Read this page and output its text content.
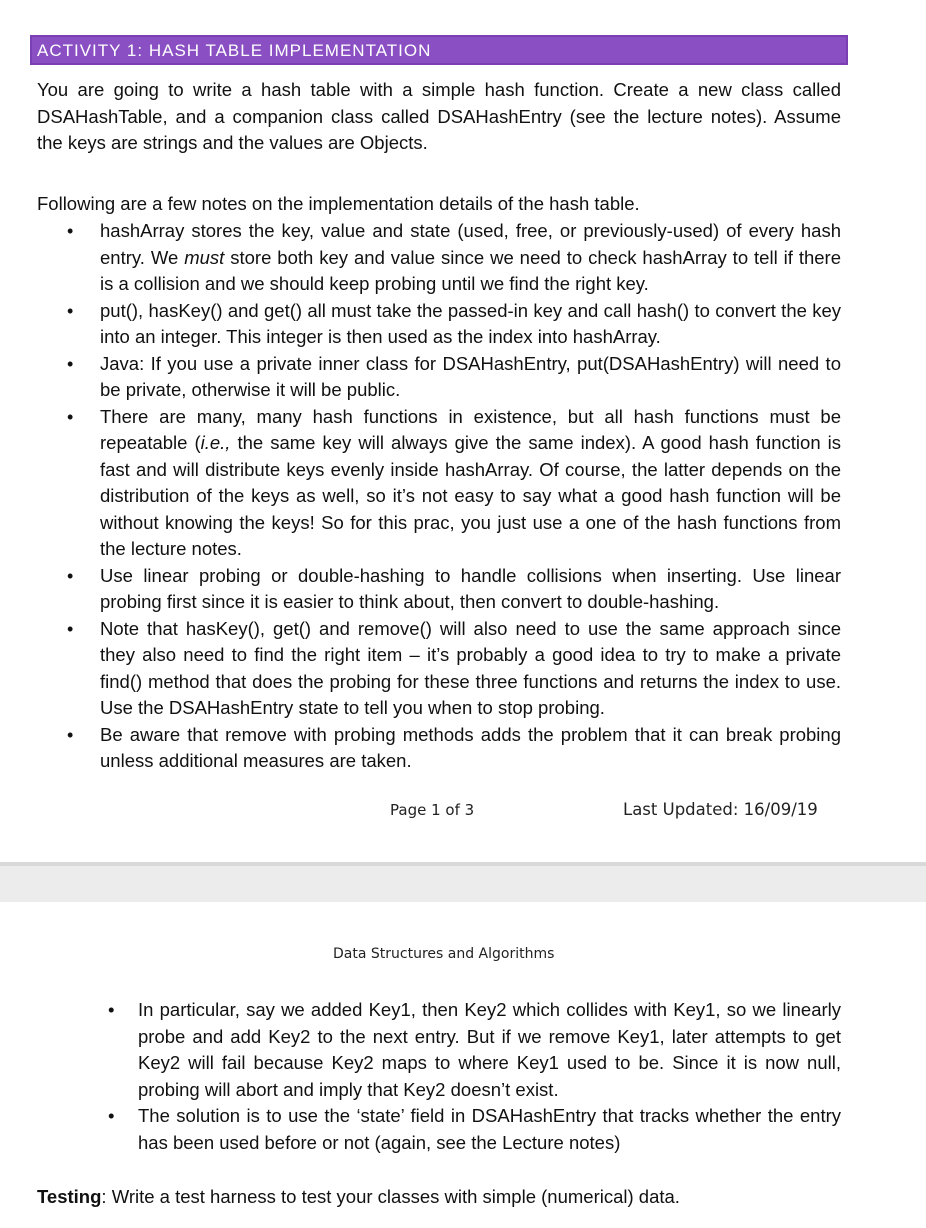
ACTIVITY 1: HASH TABLE IMPLEMENTATION
You are going to write a hash table with a simple hash function. Create a new class called DSAHashTable, and a companion class called DSAHashEntry (see the lecture notes). Assume the keys are strings and the values are Objects.
Following are a few notes on the implementation details of the hash table.
• hashArray stores the key, value and state (used, free, or previously-used) of every hash entry. We must store both key and value since we need to check hashArray to tell if there is a collision and we should keep probing until we find the right key.
• put(), hasKey() and get() all must take the passed-in key and call hash() to convert the key into an integer. This integer is then used as the index into hashArray.
• Java: If you use a private inner class for DSAHashEntry, put(DSAHashEntry) will need to be private, otherwise it will be public.
• There are many, many hash functions in existence, but all hash functions must be repeatable (i.e., the same key will always give the same index). A good hash function is fast and will distribute keys evenly inside hashArray. Of course, the latter depends on the distribution of the keys as well, so it’s not easy to say what a good hash function will be without knowing the keys! So for this prac, you just use a one of the hash functions from the lecture notes.
• Use linear probing or double-hashing to handle collisions when inserting. Use linear probing first since it is easier to think about, then convert to double-hashing.
• Note that hasKey(), get() and remove() will also need to use the same approach since they also need to find the right item – it’s probably a good idea to try to make a private find() method that does the probing for these three functions and returns the index to use. Use the DSAHashEntry state to tell you when to stop probing.
• Be aware that remove with probing methods adds the problem that it can break probing unless additional measures are taken.
Page 1 of 3	Last Updated: 16/09/19
Data Structures and Algorithms
• In particular, say we added Key1, then Key2 which collides with Key1, so we linearly probe and add Key2 to the next entry. But if we remove Key1, later attempts to get Key2 will fail because Key2 maps to where Key1 used to be. Since it is now null, probing will abort and imply that Key2 doesn’t exist.
• The solution is to use the ‘state’ field in DSAHashEntry that tracks whether the entry has been used before or not (again, see the Lecture notes)
Testing: Write a test harness to test your classes with simple (numerical) data.
